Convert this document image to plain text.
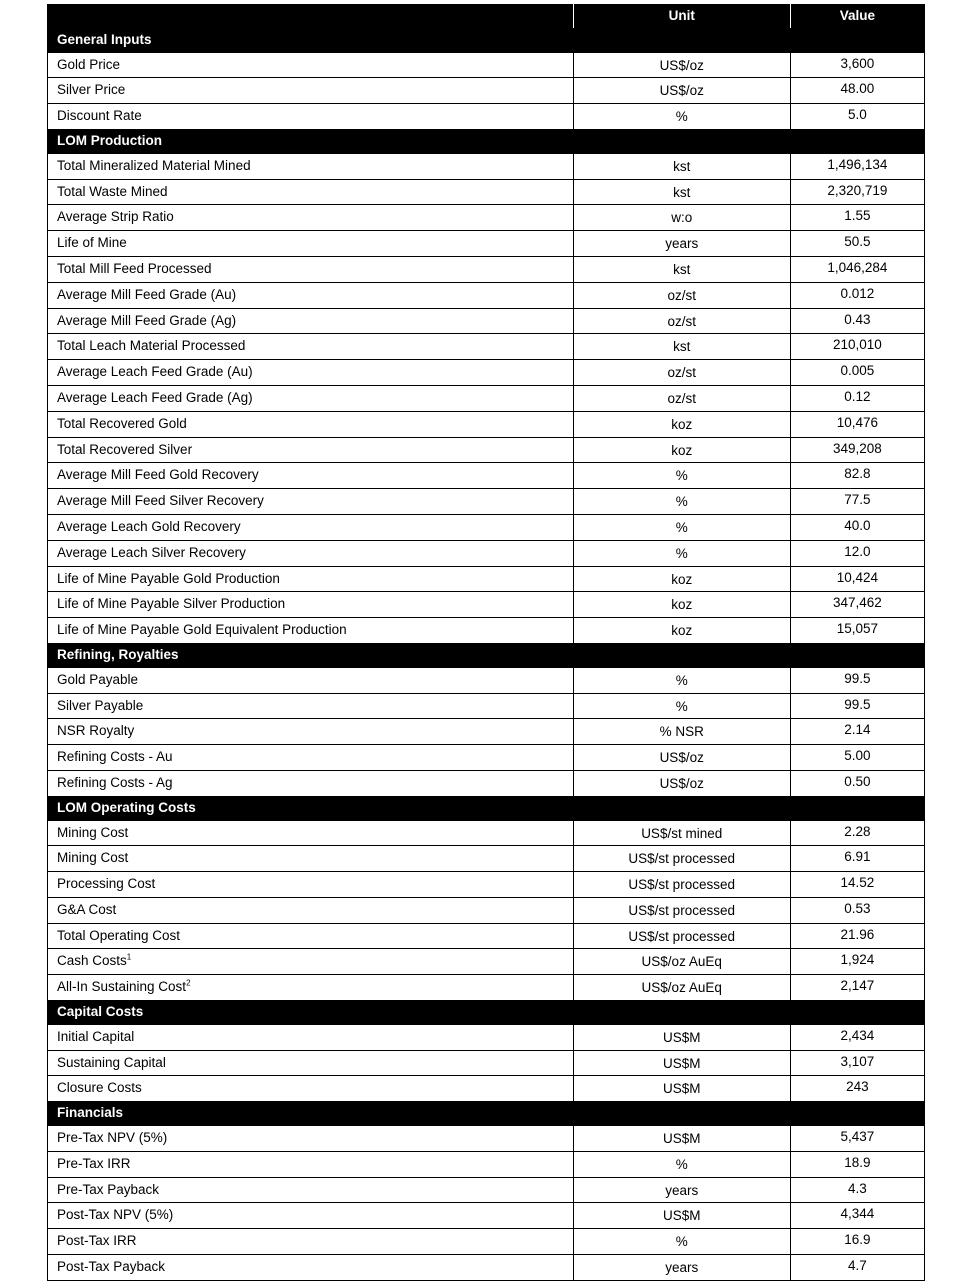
	Unit	Value
General Inputs		
Gold Price	US$/oz	3,600
Silver Price	US$/oz	48.00
Discount Rate	%	5.0
LOM Production		
Total Mineralized Material Mined	kst	1,496,134
Total Waste Mined	kst	2,320,719
Average Strip Ratio	w:o	1.55
Life of Mine	years	50.5
Total Mill Feed Processed	kst	1,046,284
Average Mill Feed Grade (Au)	oz/st	0.012
Average Mill Feed Grade (Ag)	oz/st	0.43
Total Leach Material Processed	kst	210,010
Average Leach Feed Grade (Au)	oz/st	0.005
Average Leach Feed Grade (Ag)	oz/st	0.12
Total Recovered Gold	koz	10,476
Total Recovered Silver	koz	349,208
Average Mill Feed Gold Recovery	%	82.8
Average Mill Feed Silver Recovery	%	77.5
Average Leach Gold Recovery	%	40.0
Average Leach Silver Recovery	%	12.0
Life of Mine Payable Gold Production	koz	10,424
Life of Mine Payable Silver Production	koz	347,462
Life of Mine Payable Gold Equivalent Production	koz	15,057
Refining, Royalties		
Gold Payable	%	99.5
Silver Payable	%	99.5
NSR Royalty	% NSR	2.14
Refining Costs - Au	US$/oz	5.00
Refining Costs - Ag	US$/oz	0.50
LOM Operating Costs		
Mining Cost	US$/st mined	2.28
Mining Cost	US$/st processed	6.91
Processing Cost	US$/st processed	14.52
G&A Cost	US$/st processed	0.53
Total Operating Cost	US$/st processed	21.96
Cash Costs$^1$	US$/oz AuEq	1,924
All-In Sustaining Cost$^2$	US$/oz AuEq	2,147
Capital Costs		
Initial Capital	US$M	2,434
Sustaining Capital	US$M	3,107
Closure Costs	US$M	243
Financials		
Pre-Tax NPV (5%)	US$M	5,437
Pre-Tax IRR	%	18.9
Pre-Tax Payback	years	4.3
Post-Tax NPV (5%)	US$M	4,344
Post-Tax IRR	%	16.9
Post-Tax Payback	years	4.7
